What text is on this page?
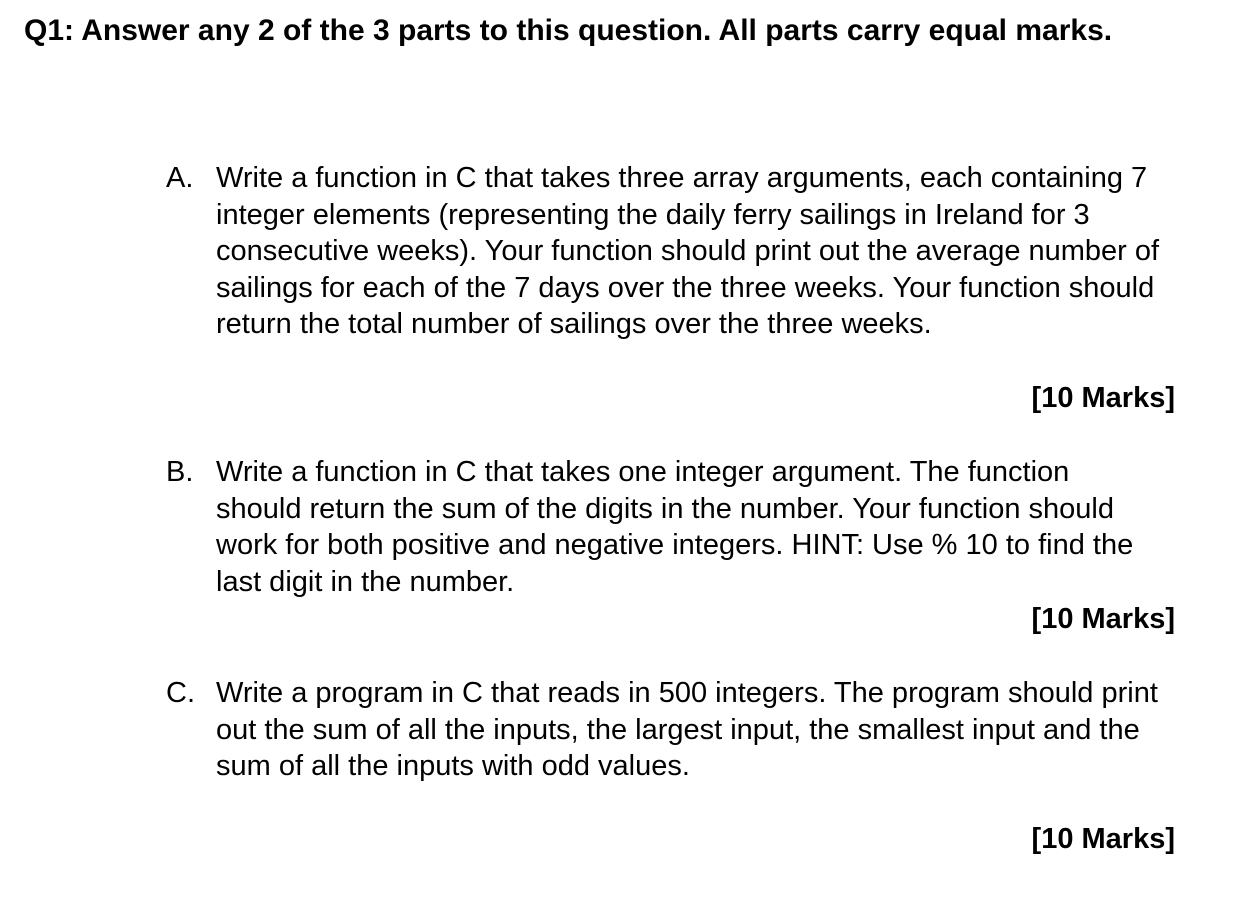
Q1: Answer any 2 of the 3 parts to this question. All parts carry equal marks.
A. Write a function in C that takes three array arguments, each containing 7 integer elements (representing the daily ferry sailings in Ireland for 3 consecutive weeks). Your function should print out the average number of sailings for each of the 7 days over the three weeks. Your function should return the total number of sailings over the three weeks.
[10 Marks]
B. Write a function in C that takes one integer argument. The function should return the sum of the digits in the number. Your function should work for both positive and negative integers. HINT: Use % 10 to find the last digit in the number.
[10 Marks]
C. Write a program in C that reads in 500 integers. The program should print out the sum of all the inputs, the largest input, the smallest input and the sum of all the inputs with odd values.
[10 Marks]
